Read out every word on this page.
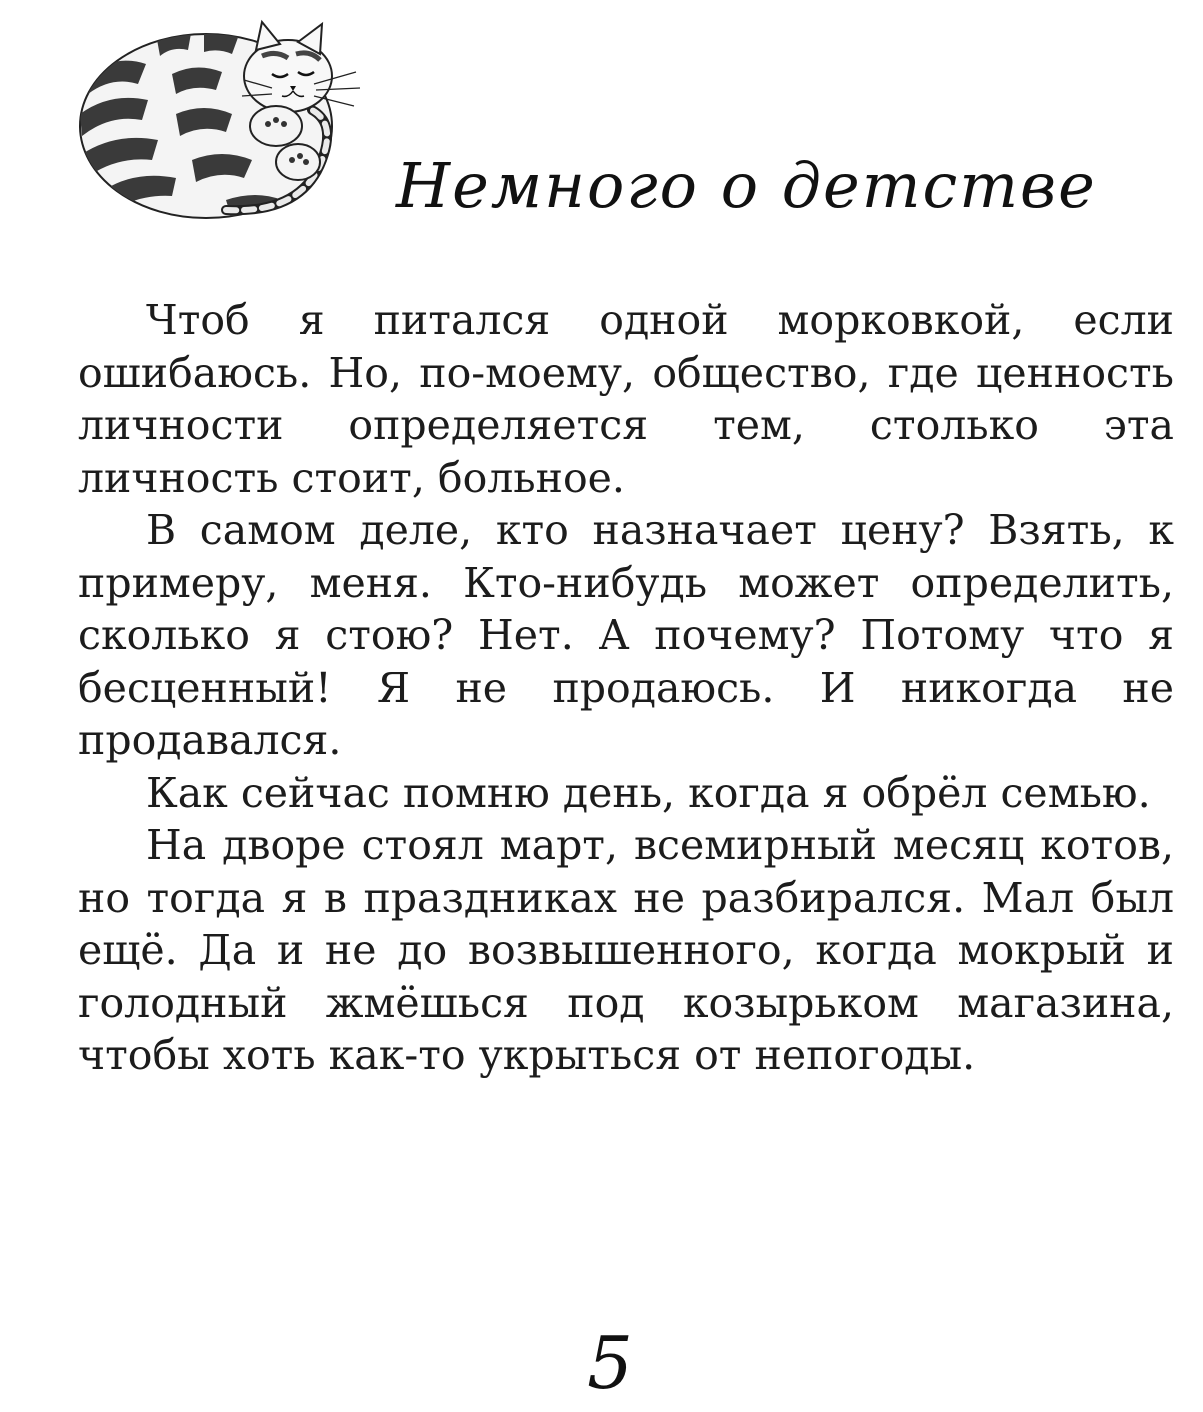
Немного о детстве

Чтоб я питался одной морковкой, если ошибаюсь. Но, по-моему, общество, где ценность личности определяется тем, столько эта личность стоит, больное.

В самом деле, кто назначает цену? Взять, к примеру, меня. Кто-нибудь может определить, сколько я стою? Нет. А почему? Потому что я бесценный! Я не продаюсь. И никогда не продавался.

Как сейчас помню день, когда я обрёл семью.

На дворе стоял март, всемирный месяц котов, но тогда я в праздниках не разбирался. Мал был ещё. Да и не до возвышенного, когда мокрый и голодный жмёшься под козырьком магазина, чтобы хоть как-то укрыться от непогоды.

5
